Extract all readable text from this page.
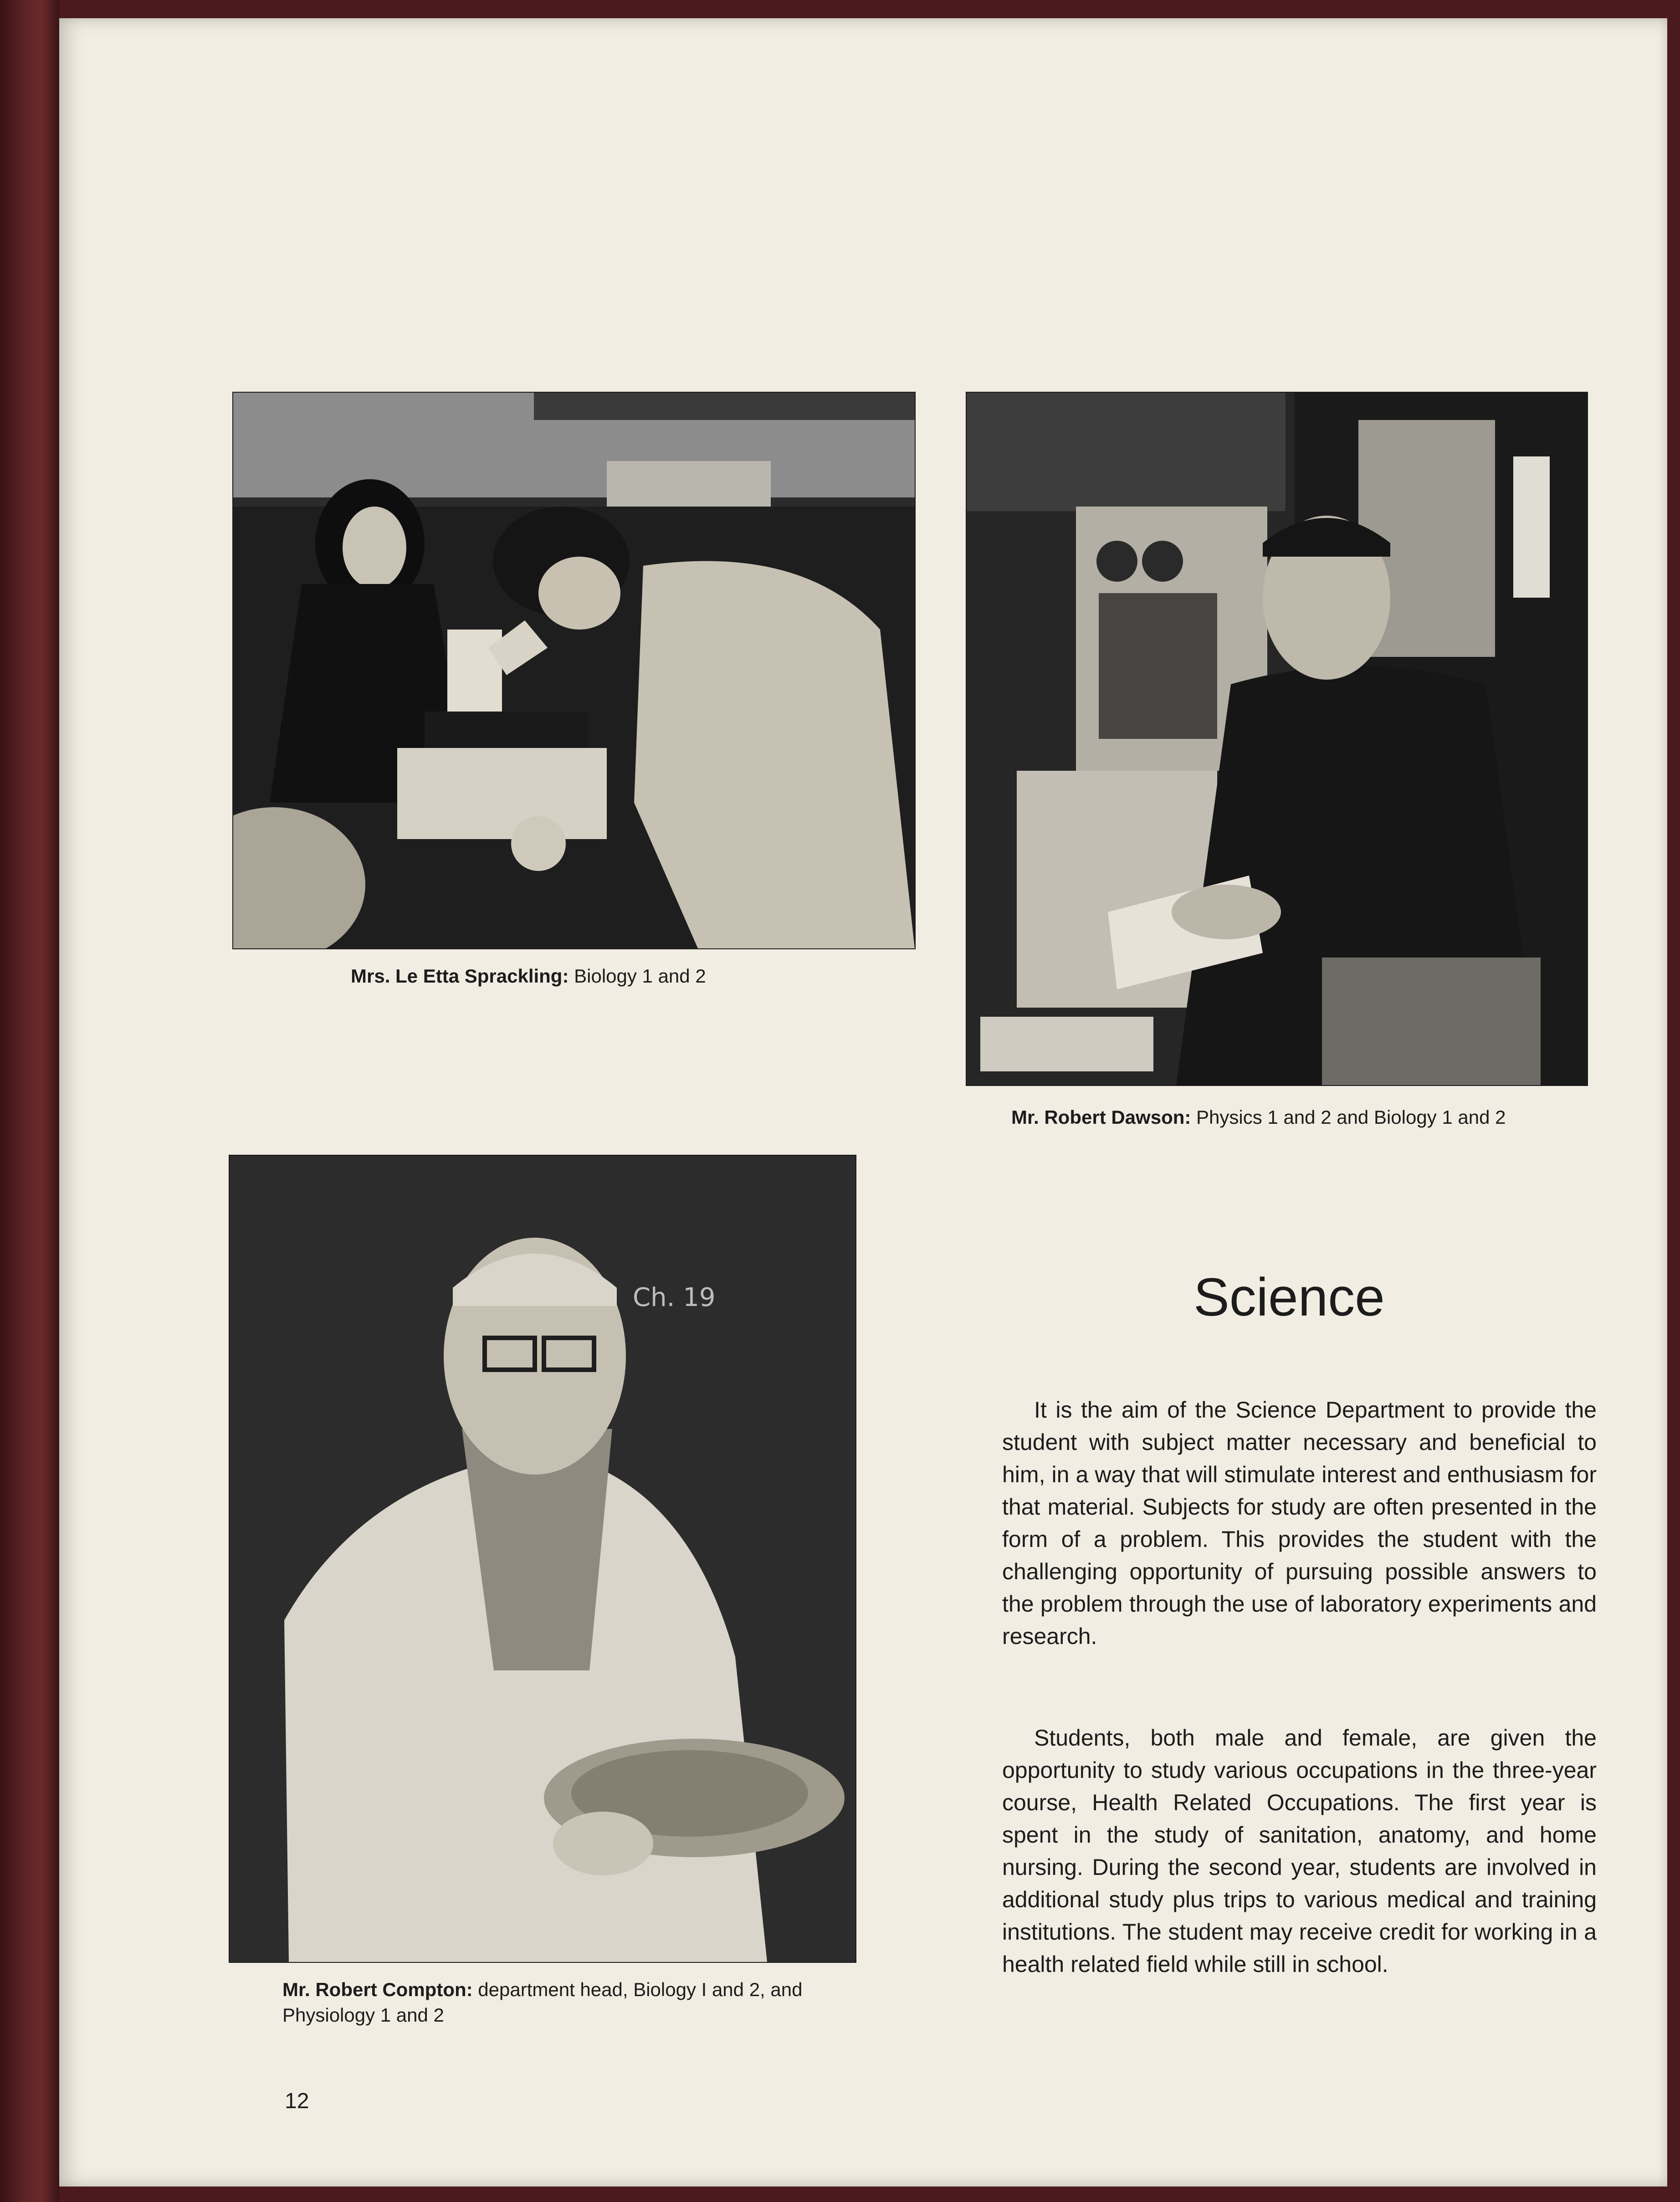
Mrs. Le Etta Sprackling: Biology 1 and 2
Mr. Robert Dawson: Physics 1 and 2 and Biology 1 and 2
Ch. 19
Mr. Robert Compton: department head, Biology I and 2, and Physiology 1 and 2
Science

It is the aim of the Science Department to provide the student with subject matter necessary and beneficial to him, in a way that will stimulate interest and enthusiasm for that material. Subjects for study are often presented in the form of a problem. This provides the student with the challenging opportunity of pursuing possible answers to the problem through the use of laboratory experiments and research.

Students, both male and female, are given the opportunity to study various occupations in the three-year course, Health Related Occupations. The first year is spent in the study of sanitation, anatomy, and home nursing. During the second year, students are involved in additional study plus trips to various medical and training institutions. The student may receive credit for working in a health related field while still in school.

12
